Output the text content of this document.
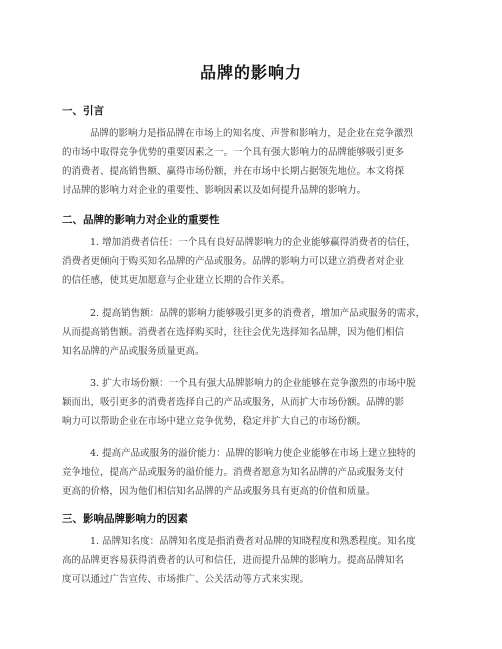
品牌的影响力
一、引言
品牌的影响力是指品牌在市场上的知名度、声誉和影响力，是企业在竞争激烈
的市场中取得竞争优势的重要因素之一。一个具有强大影响力的品牌能够吸引更多
的消费者、提高销售额、赢得市场份额，并在市场中长期占据领先地位。本文将探
讨品牌的影响力对企业的重要性、影响因素以及如何提升品牌的影响力。
二、品牌的影响力对企业的重要性
1. 增加消费者信任：一个具有良好品牌影响力的企业能够赢得消费者的信任，
消费者更倾向于购买知名品牌的产品或服务。品牌的影响力可以建立消费者对企业
的信任感，使其更加愿意与企业建立长期的合作关系。
2. 提高销售额：品牌的影响力能够吸引更多的消费者，增加产品或服务的需求，
从而提高销售额。消费者在选择购买时，往往会优先选择知名品牌，因为他们相信
知名品牌的产品或服务质量更高。
3. 扩大市场份额：一个具有强大品牌影响力的企业能够在竞争激烈的市场中脱
颖而出，吸引更多的消费者选择自己的产品或服务，从而扩大市场份额。品牌的影
响力可以帮助企业在市场中建立竞争优势，稳定并扩大自己的市场份额。
4. 提高产品或服务的溢价能力：品牌的影响力使企业能够在市场上建立独特的
竞争地位，提高产品或服务的溢价能力。消费者愿意为知名品牌的产品或服务支付
更高的价格，因为他们相信知名品牌的产品或服务具有更高的价值和质量。
三、影响品牌影响力的因素
1. 品牌知名度：品牌知名度是指消费者对品牌的知晓程度和熟悉程度。知名度
高的品牌更容易获得消费者的认可和信任，进而提升品牌的影响力。提高品牌知名
度可以通过广告宣传、市场推广、公关活动等方式来实现。
